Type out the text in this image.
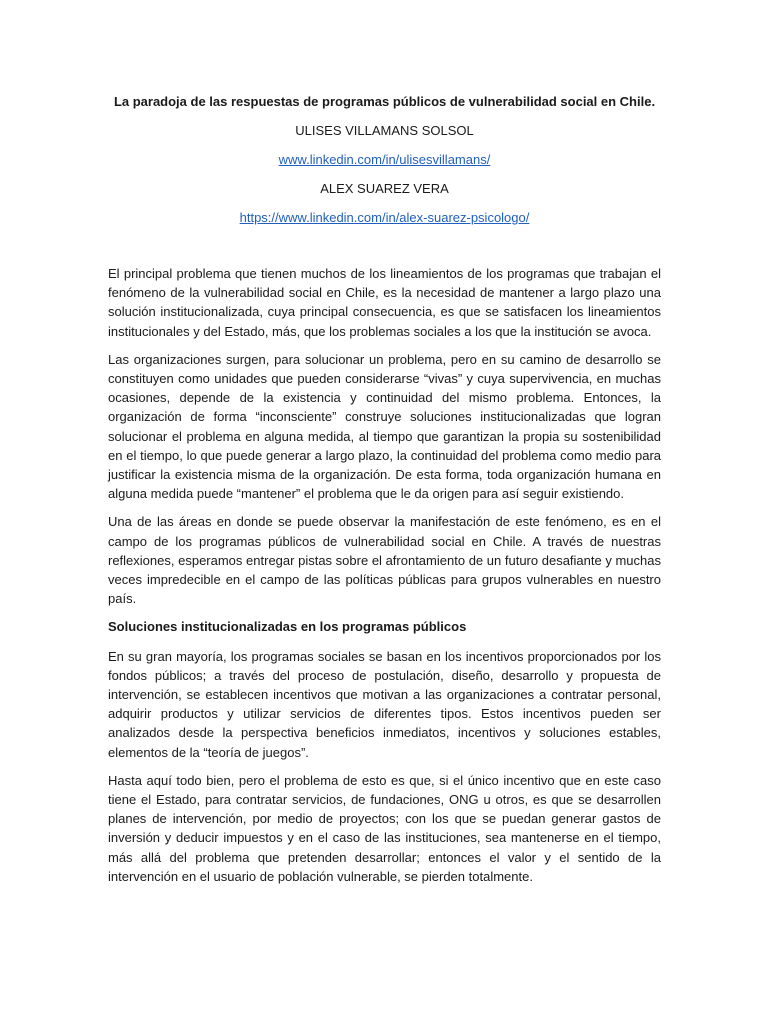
La paradoja de las respuestas de programas públicos de vulnerabilidad social en Chile.
ULISES VILLAMANS SOLSOL
www.linkedin.com/in/ulisesvillamans/
ALEX SUAREZ VERA
https://www.linkedin.com/in/alex-suarez-psicologo/

El principal problema que tienen muchos de los lineamientos de los programas que trabajan el fenómeno de la vulnerabilidad social en Chile, es la necesidad de mantener a largo plazo una solución institucionalizada, cuya principal consecuencia, es que se satisfacen los lineamientos institucionales y del Estado, más, que los problemas sociales a los que la institución se avoca.

Las organizaciones surgen, para solucionar un problema, pero en su camino de desarrollo se constituyen como unidades que pueden considerarse “vivas” y cuya supervivencia, en muchas ocasiones, depende de la existencia y continuidad del mismo problema. Entonces, la organización de forma “inconsciente” construye soluciones institucionalizadas que logran solucionar el problema en alguna medida, al tiempo que garantizan la propia su sostenibilidad en el tiempo, lo que puede generar a largo plazo, la continuidad del problema como medio para justificar la existencia misma de la organización. De esta forma, toda organización humana en alguna medida puede “mantener” el problema que le da origen para así seguir existiendo.

Una de las áreas en donde se puede observar la manifestación de este fenómeno, es en el campo de los programas públicos de vulnerabilidad social en Chile. A través de nuestras reflexiones, esperamos entregar pistas sobre el afrontamiento de un futuro desafiante y muchas veces impredecible en el campo de las políticas públicas para grupos vulnerables en nuestro país.

Soluciones institucionalizadas en los programas públicos

En su gran mayoría, los programas sociales se basan en los incentivos proporcionados por los fondos públicos; a través del proceso de postulación, diseño, desarrollo y propuesta de intervención, se establecen incentivos que motivan a las organizaciones a contratar personal, adquirir productos y utilizar servicios de diferentes tipos. Estos incentivos pueden ser analizados desde la perspectiva beneficios inmediatos, incentivos y soluciones estables, elementos de la “teoría de juegos”.

Hasta aquí todo bien, pero el problema de esto es que, si el único incentivo que en este caso tiene el Estado, para contratar servicios, de fundaciones, ONG u otros, es que se desarrollen planes de intervención, por medio de proyectos; con los que se puedan generar gastos de inversión y deducir impuestos y en el caso de las instituciones, sea mantenerse en el tiempo, más allá del problema que pretenden desarrollar; entonces el valor y el sentido de la intervención en el usuario de población vulnerable, se pierden totalmente.
